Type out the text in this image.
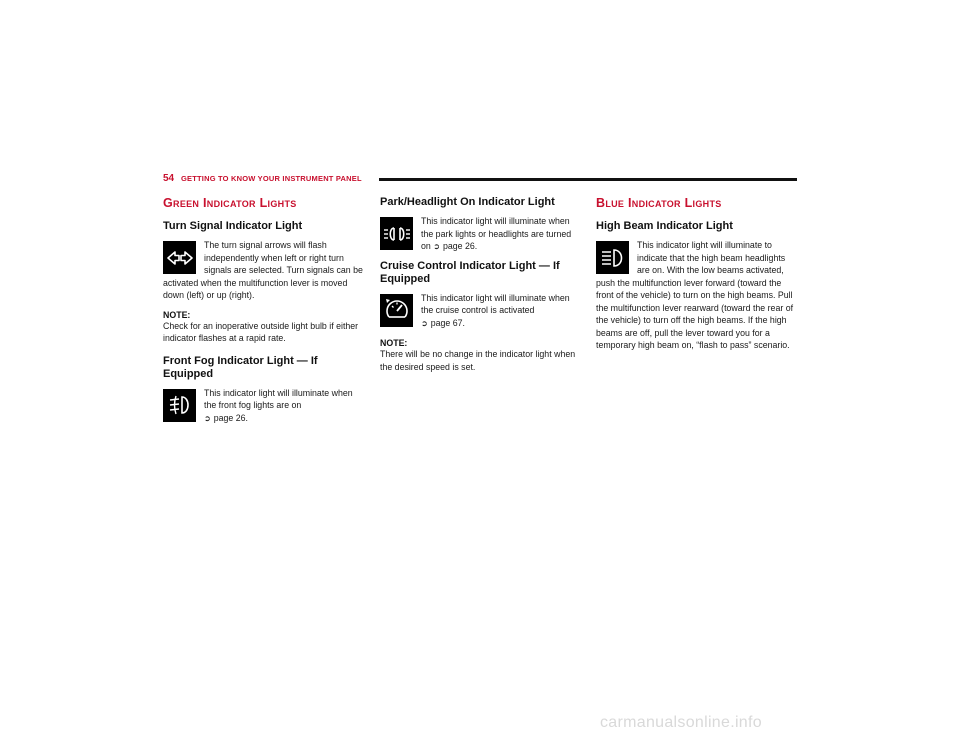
54 GETTING TO KNOW YOUR INSTRUMENT PANEL
Green Indicator Lights
Turn Signal Indicator Light
The turn signal arrows will flash independently when left or right turn signals are selected. Turn signals can be activated when the multifunction lever is moved down (left) or up (right).
NOTE:
Check for an inoperative outside light bulb if either indicator flashes at a rapid rate.
Front Fog Indicator Light — If Equipped
This indicator light will illuminate when the front fog lights are on
➲ page 26.
Park/Headlight On Indicator Light
This indicator light will illuminate when the park lights or headlights are turned on ➲ page 26.
Cruise Control Indicator Light — If Equipped
This indicator light will illuminate when the cruise control is activated
➲ page 67.
NOTE:
There will be no change in the indicator light when the desired speed is set.
Blue Indicator Lights
High Beam Indicator Light
This indicator light will illuminate to indicate that the high beam headlights are on. With the low beams activated, push the multifunction lever forward (toward the front of the vehicle) to turn on the high beams. Pull the multifunction lever rearward (toward the rear of the vehicle) to turn off the high beams. If the high beams are off, pull the lever toward you for a temporary high beam on, “flash to pass” scenario.
carmanualsonline.info
